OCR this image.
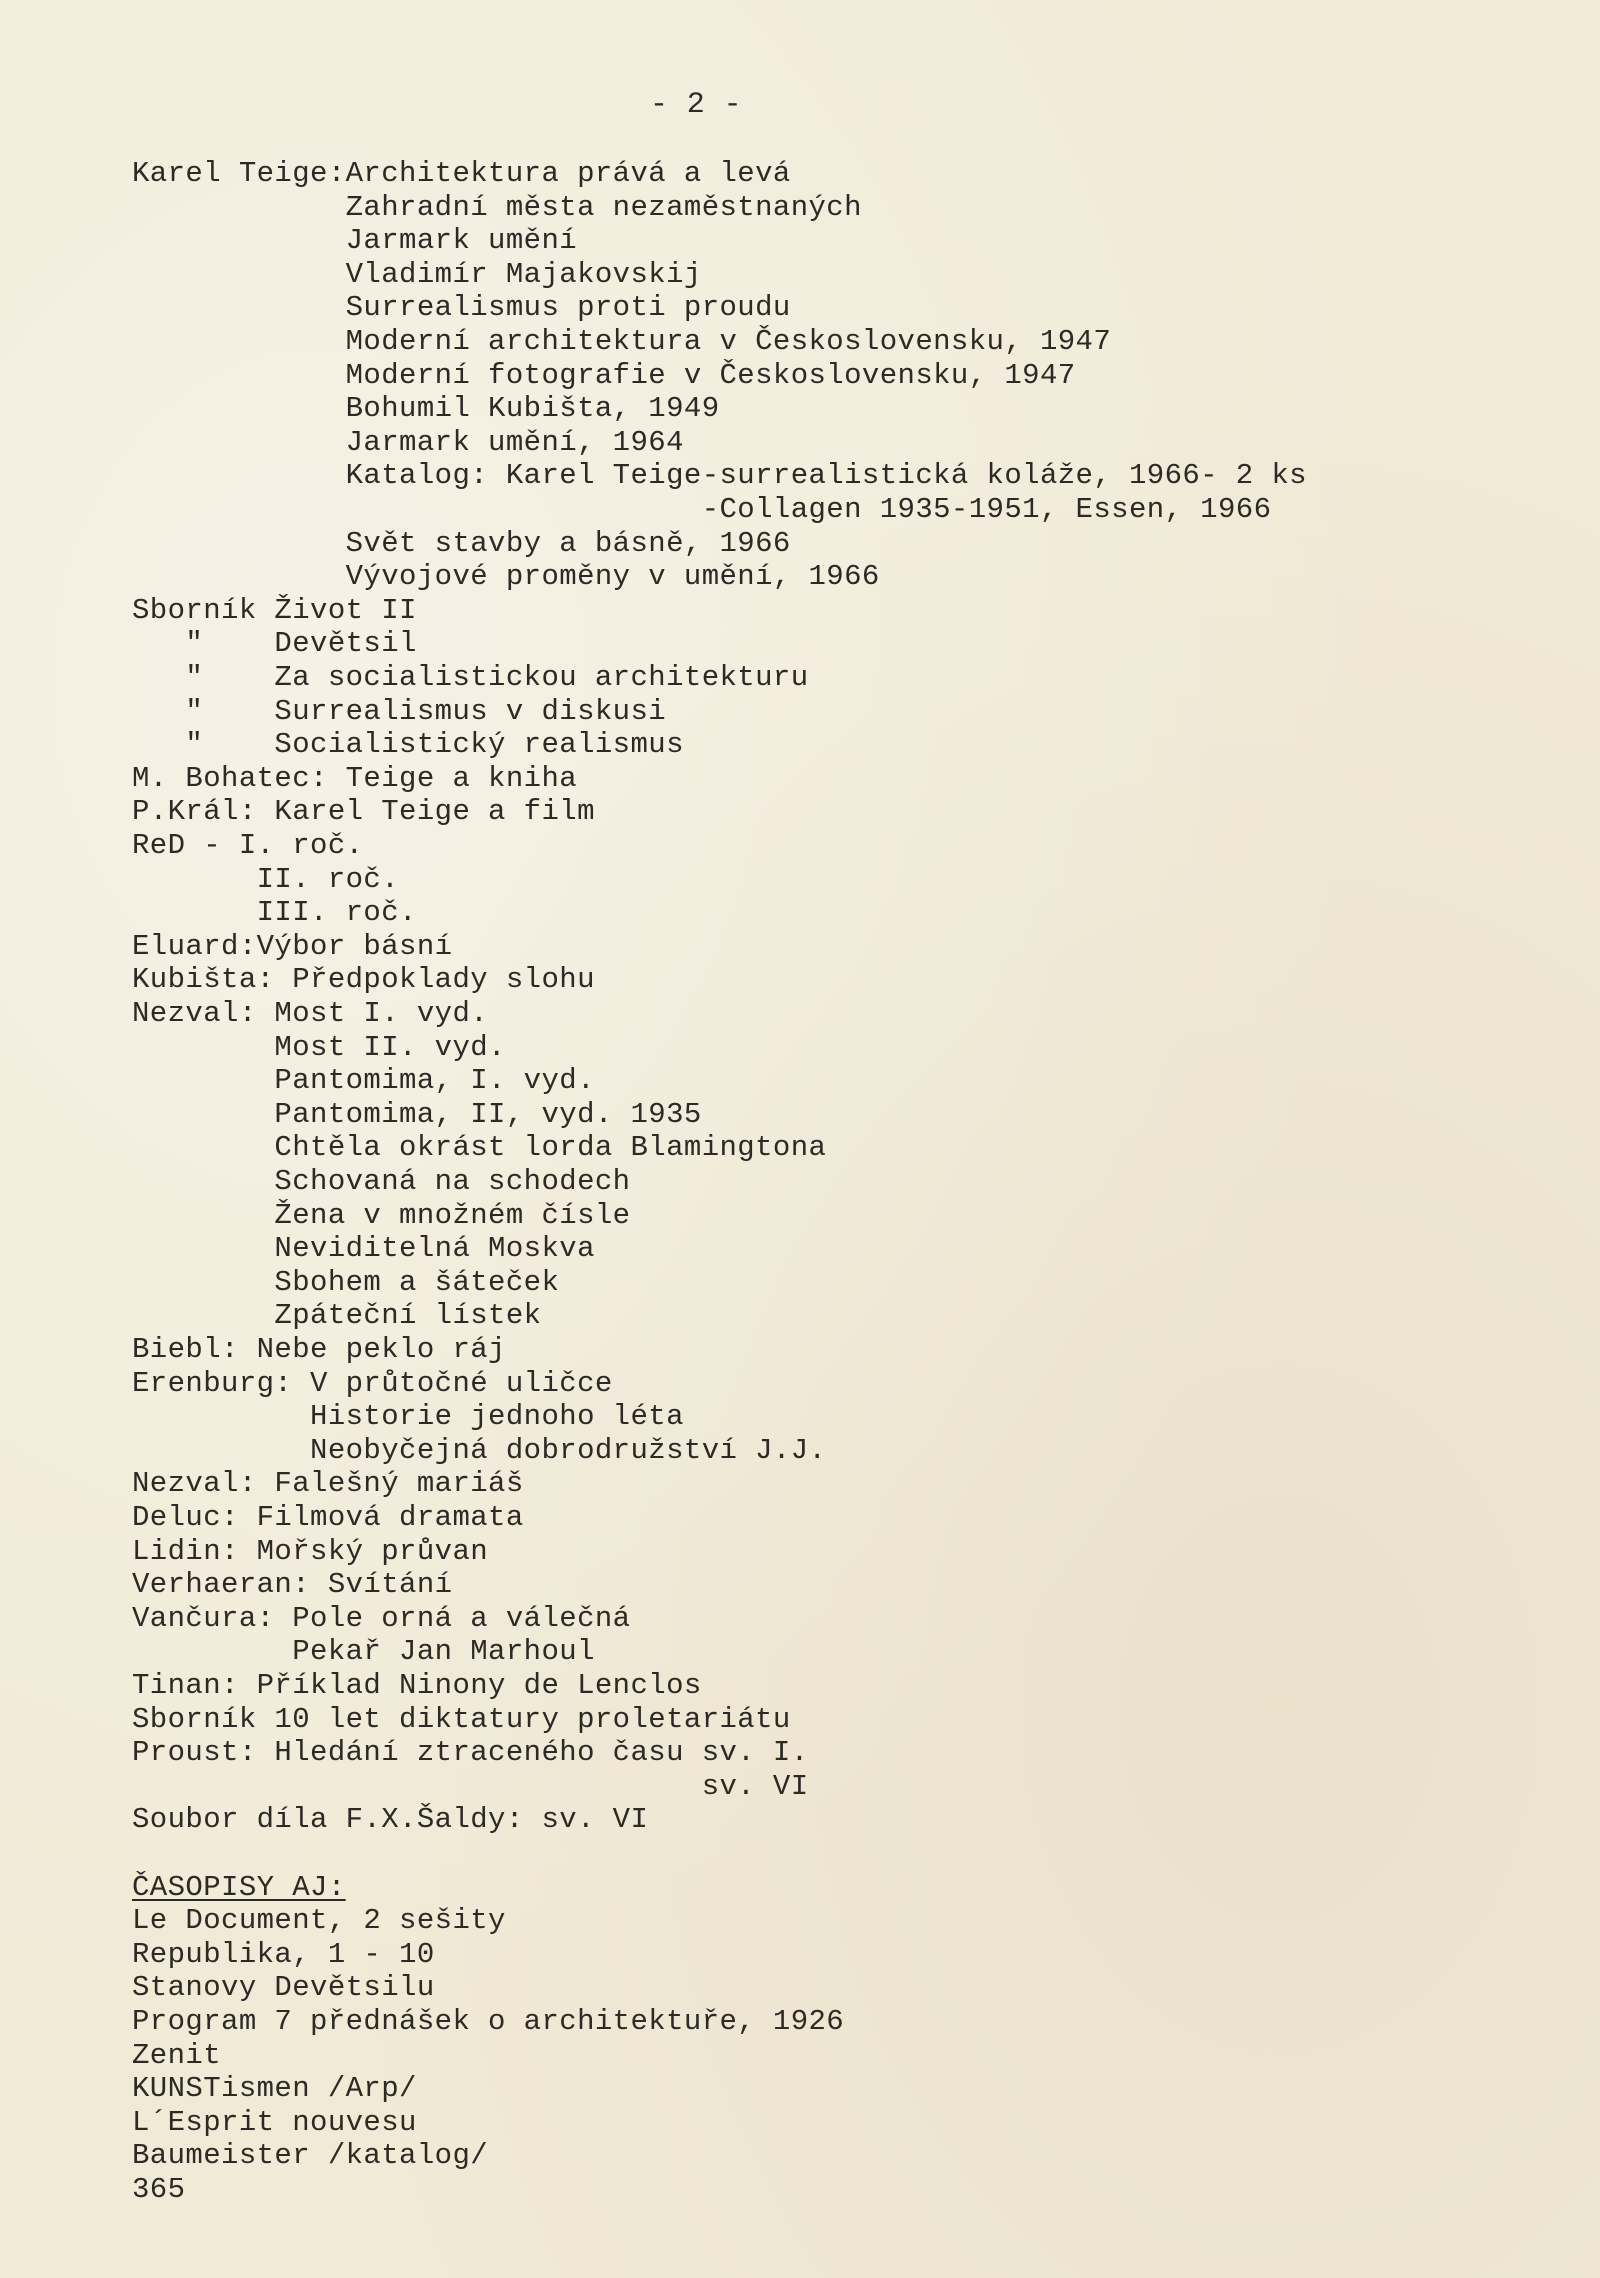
- 2 -
Karel Teige:Architektura prává a levá
Zahradní města nezaměstnaných
Jarmark umění
Vladimír Majakovskij
Surrealismus proti proudu
Moderní architektura v Československu, 1947
Moderní fotografie v Československu, 1947
Bohumil Kubišta, 1949
Jarmark umění, 1964
Katalog: Karel Teige-surrealistická koláže, 1966- 2 ks
-Collagen 1935-1951, Essen, 1966
Svět stavby a básně, 1966
Vývojové proměny v umění, 1966
Sborník Život II
"    Devětsil
"    Za socialistickou architekturu
"    Surrealismus v diskusi
"    Socialistický realismus
M. Bohatec: Teige a kniha
P.Král: Karel Teige a film
ReD - I. roč.
II. roč.
III. roč.
Eluard:Výbor básní
Kubišta: Předpoklady slohu
Nezval: Most I. vyd.
Most II. vyd.
Pantomima, I. vyd.
Pantomima, II, vyd. 1935
Chtěla okrást lorda Blamingtona
Schovaná na schodech
Žena v množném čísle
Neviditelná Moskva
Sbohem a šáteček
Zpáteční lístek
Biebl: Nebe peklo ráj
Erenburg: V průtočné uličce
Historie jednoho léta
Neobyčejná dobrodružství J.J.
Nezval: Falešný mariáš
Deluc: Filmová dramata
Lidin: Mořský průvan
Verhaeran: Svítání
Vančura: Pole orná a válečná
Pekař Jan Marhoul
Tinan: Příklad Ninony de Lenclos
Sborník 10 let diktatury proletariátu
Proust: Hledání ztraceného času sv. I.
sv. VI
Soubor díla F.X.Šaldy: sv. VI
ČASOPISY AJ:
Le Document, 2 sešity
Republika, 1 - 10
Stanovy Devětsilu
Program 7 přednášek o architektuře, 1926
Zenit
KUNSTismen /Arp/
L´Esprit nouvesu
Baumeister /katalog/
365
